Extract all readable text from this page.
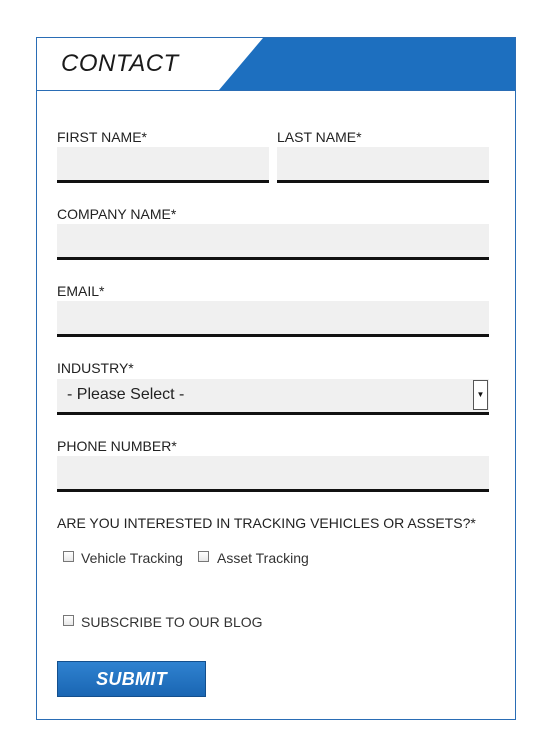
CONTACT
FIRST NAME*	LAST NAME*
COMPANY NAME*
EMAIL*
INDUSTRY*
- Please Select -	▼
PHONE NUMBER*
ARE YOU INTERESTED IN TRACKING VEHICLES OR ASSETS?*
Vehicle Tracking Asset Tracking
SUBSCRIBE TO OUR BLOG
SUBMIT
